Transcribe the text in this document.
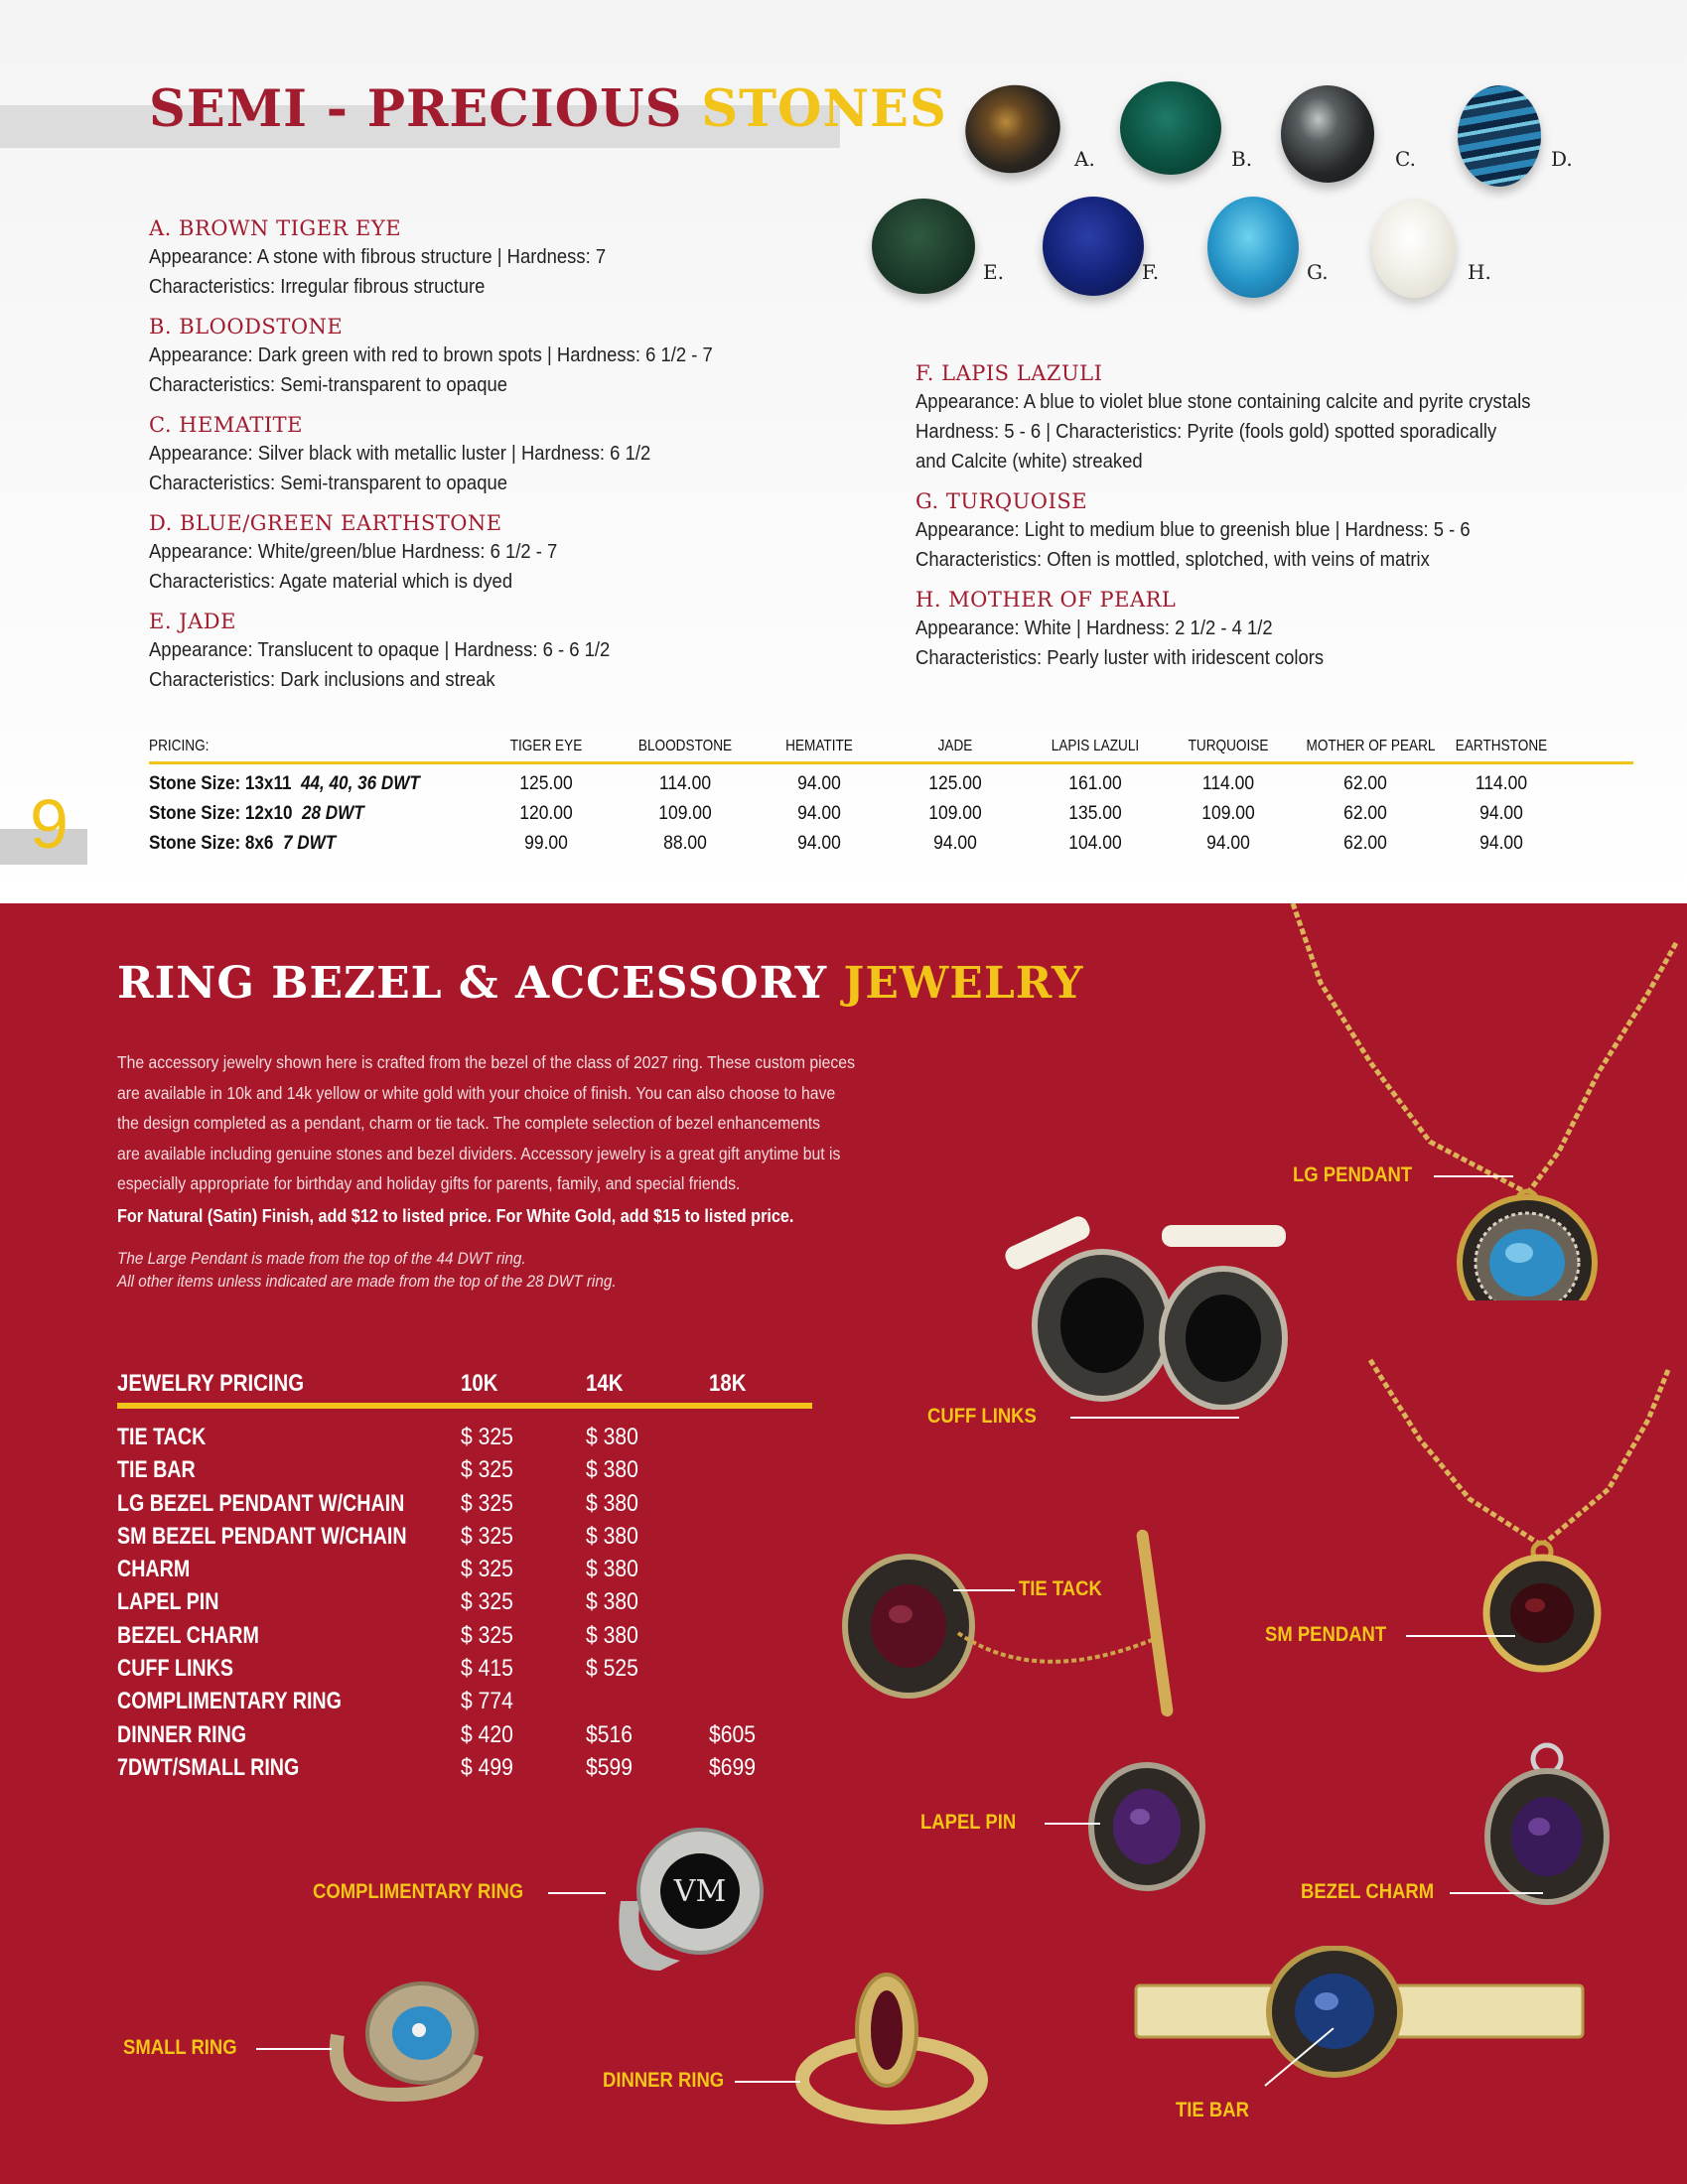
SEMI - PRECIOUS STONES
A.	B.	C.	D.
E.	F.	G.	H.
A. BROWN TIGER EYE
Appearance: A stone with fibrous structure | Hardness: 7
Characteristics: Irregular fibrous structure
B. BLOODSTONE
Appearance: Dark green with red to brown spots | Hardness: 6 1/2 - 7
Characteristics: Semi-transparent to opaque
C. HEMATITE
Appearance: Silver black with metallic luster | Hardness: 6 1/2
Characteristics: Semi-transparent to opaque
D. BLUE/GREEN EARTHSTONE
Appearance: White/green/blue Hardness: 6 1/2 - 7
Characteristics: Agate material which is dyed
E. JADE
Appearance: Translucent to opaque | Hardness: 6 - 6 1/2
Characteristics: Dark inclusions and streak
F. LAPIS LAZULI
Appearance: A blue to violet blue stone containing calcite and pyrite crystals
Hardness: 5 - 6 | Characteristics: Pyrite (fools gold) spotted sporadically
and Calcite (white) streaked
G. TURQUOISE
Appearance: Light to medium blue to greenish blue | Hardness: 5 - 6
Characteristics: Often is mottled, splotched, with veins of matrix
H. MOTHER OF PEARL
Appearance: White | Hardness: 2 1/2 - 4 1/2
Characteristics: Pearly luster with iridescent colors
PRICING:	TIGER EYE	BLOODSTONE	HEMATITE	JADE	LAPIS LAZULI	TURQUOISE	MOTHER OF PEARL	EARTHSTONE
Stone Size: 13x11 44, 40, 36 DWT	125.00	114.00	94.00	125.00	161.00	114.00	62.00	114.00
Stone Size: 12x10 28 DWT	120.00	109.00	94.00	109.00	135.00	109.00	62.00	94.00
Stone Size: 8x6 7 DWT	99.00	88.00	94.00	94.00	104.00	94.00	62.00	94.00
9
RING BEZEL & ACCESSORY JEWELRY

The accessory jewelry shown here is crafted from the bezel of the class of 2027 ring. These custom pieces

are available in 10k and 14k yellow or white gold with your choice of finish. You can also choose to have

the design completed as a pendant, charm or tie tack. The complete selection of bezel enhancements

are available including genuine stones and bezel dividers. Accessory jewelry is a great gift anytime but is

especially appropriate for birthday and holiday gifts for parents, family, and special friends.

For Natural (Satin) Finish, add $12 to listed price. For White Gold, add $15 to listed price.

The Large Pendant is made from the top of the 44 DWT ring.

All other items unless indicated are made from the top of the 28 DWT ring.

JEWELRY PRICING	10K	14K	18K
TIE TACK	$ 325	$ 380
TIE BAR	$ 325	$ 380
LG BEZEL PENDANT W/CHAIN $ 325	$ 380
SM BEZEL PENDANT W/CHAIN $ 325	$ 380
CHARM	$ 325	$ 380
LAPEL PIN	$ 325	$ 380
BEZEL CHARM	$ 325	$ 380
CUFF LINKS	$ 415	$ 525
COMPLIMENTARY RING	$ 774
DINNER RING	$ 420	$516	$605
7DWT/SMALL RING	$ 499	$599	$699
LG PENDANT
CUFF LINKS
SM PENDANT
TIE TACK
LAPEL PIN
BEZEL CHARM
VM
COMPLIMENTARY RING
SMALL RING
DINNER RING
TIE BAR
